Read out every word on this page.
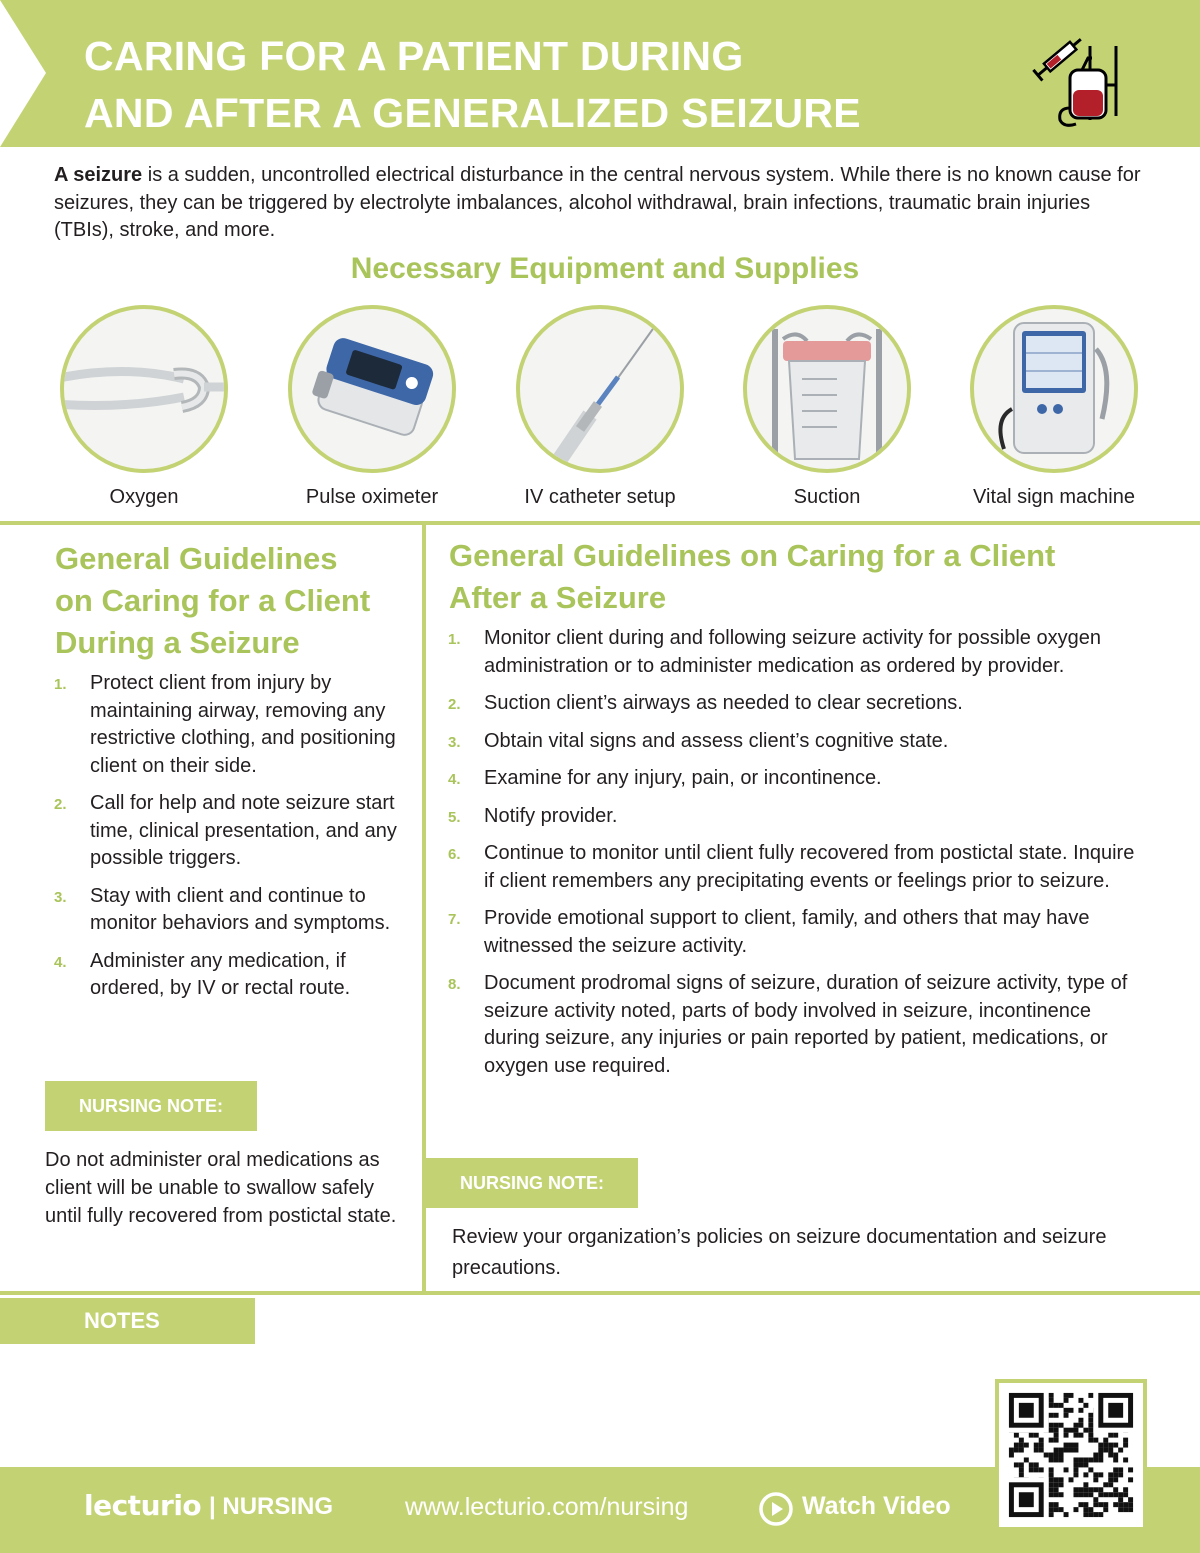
CARING FOR A PATIENT DURING
AND AFTER A GENERALIZED SEIZURE
A seizure is a sudden, uncontrolled electrical disturbance in the central nervous system. While there is no known cause for seizures, they can be triggered by electrolyte imbalances, alcohol withdrawal, brain infections, traumatic brain injuries (TBIs), stroke, and more.
Necessary Equipment and Supplies
Oxygen	Pulse oximeter	IV catheter setup	Suction	Vital sign machine
General Guidelines
on Caring for a Client
During a Seizure
1. Protect client from injury by maintaining airway, removing any restrictive clothing, and positioning client on their side.
2. Call for help and note seizure start time, clinical presentation, and any possible triggers.
3. Stay with client and continue to monitor behaviors and symptoms.
4. Administer any medication, if ordered, by IV or rectal route.
NURSING NOTE:
Do not administer oral medications as client will be unable to swallow safely until fully recovered from postictal state.
General Guidelines on Caring for a Client
After a Seizure
1. Monitor client during and following seizure activity for possible oxygen administration or to administer medication as ordered by provider.
2. Suction client’s airways as needed to clear secretions.
3. Obtain vital signs and assess client’s cognitive state.
4. Examine for any injury, pain, or incontinence.
5. Notify provider.
6. Continue to monitor until client fully recovered from postictal state. Inquire if client remembers any precipitating events or feelings prior to seizure.
7. Provide emotional support to client, family, and others that may have witnessed the seizure activity.
8. Document prodromal signs of seizure, duration of seizure activity, type of seizure activity noted, parts of body involved in seizure, incontinence during seizure, any injuries or pain reported by patient, medications, or oxygen use required.
NURSING NOTE:
Review your organization’s policies on seizure documentation and seizure precautions.
NOTES
lecturio | NURSING	www.lecturio.com/nursing	Watch Video
